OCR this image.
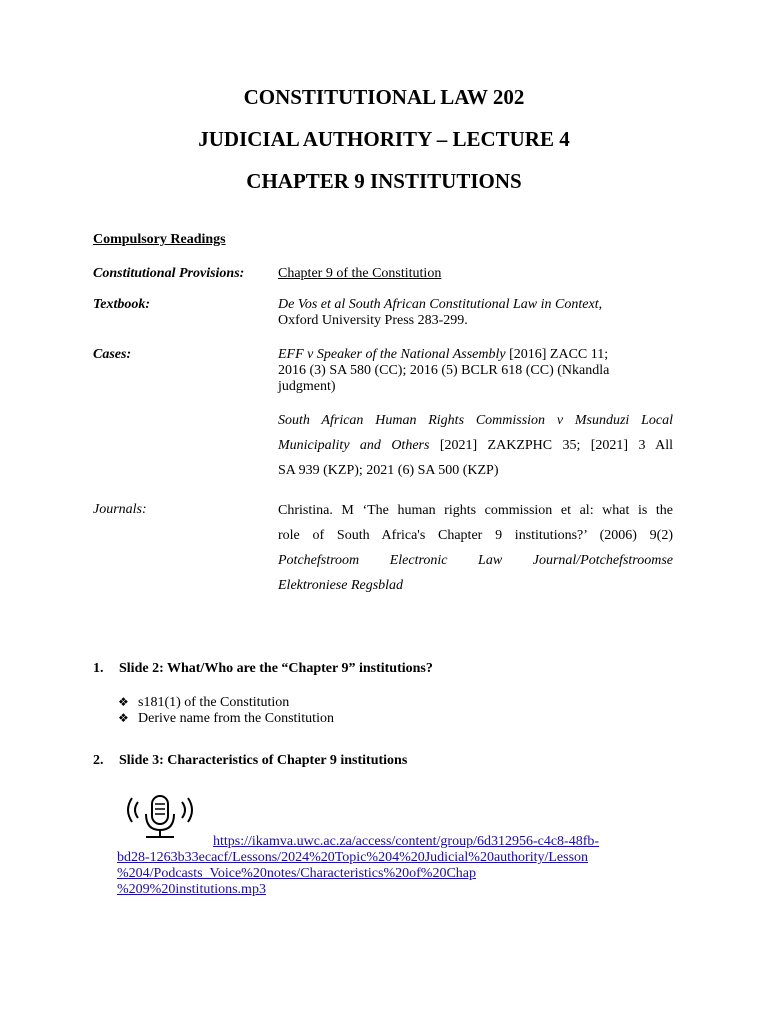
CONSTITUTIONAL LAW 202
JUDICIAL AUTHORITY – LECTURE 4
CHAPTER 9 INSTITUTIONS
Compulsory Readings
Constitutional Provisions: Chapter 9 of the Constitution
Textbook:	De Vos et al South African Constitutional Law in Context,
Oxford University Press 283-299.
Cases:	EFF v Speaker of the National Assembly [2016] ZACC 11;
2016 (3) SA 580 (CC); 2016 (5) BCLR 618 (CC) (Nkandla
judgment)
South African Human Rights Commission v Msunduzi Local
Municipality and Others [2021] ZAKZPHC 35; [2021] 3 All
SA 939 (KZP); 2021 (6) SA 500 (KZP)
Journals:	Christina. M ‘The human rights commission et al: what is the
role of South Africa's Chapter 9 institutions?’ (2006) 9(2)
Potchefstroom Electronic Law Journal/Potchefstroomse
Elektroniese Regsblad
1. Slide 2: What/Who are the “Chapter 9” institutions?
❖ s181(1) of the Constitution
❖ Derive name from the Constitution
2. Slide 3: Characteristics of Chapter 9 institutions
https://ikamva.uwc.ac.za/access/content/group/6d312956-c4c8-48fb-
bd28-1263b33ecacf/Lessons/2024%20Topic%204%20Judicial%20authority/Lesson
%204/Podcasts_Voice%20notes/Characteristics%20of%20Chap
%209%20institutions.mp3
